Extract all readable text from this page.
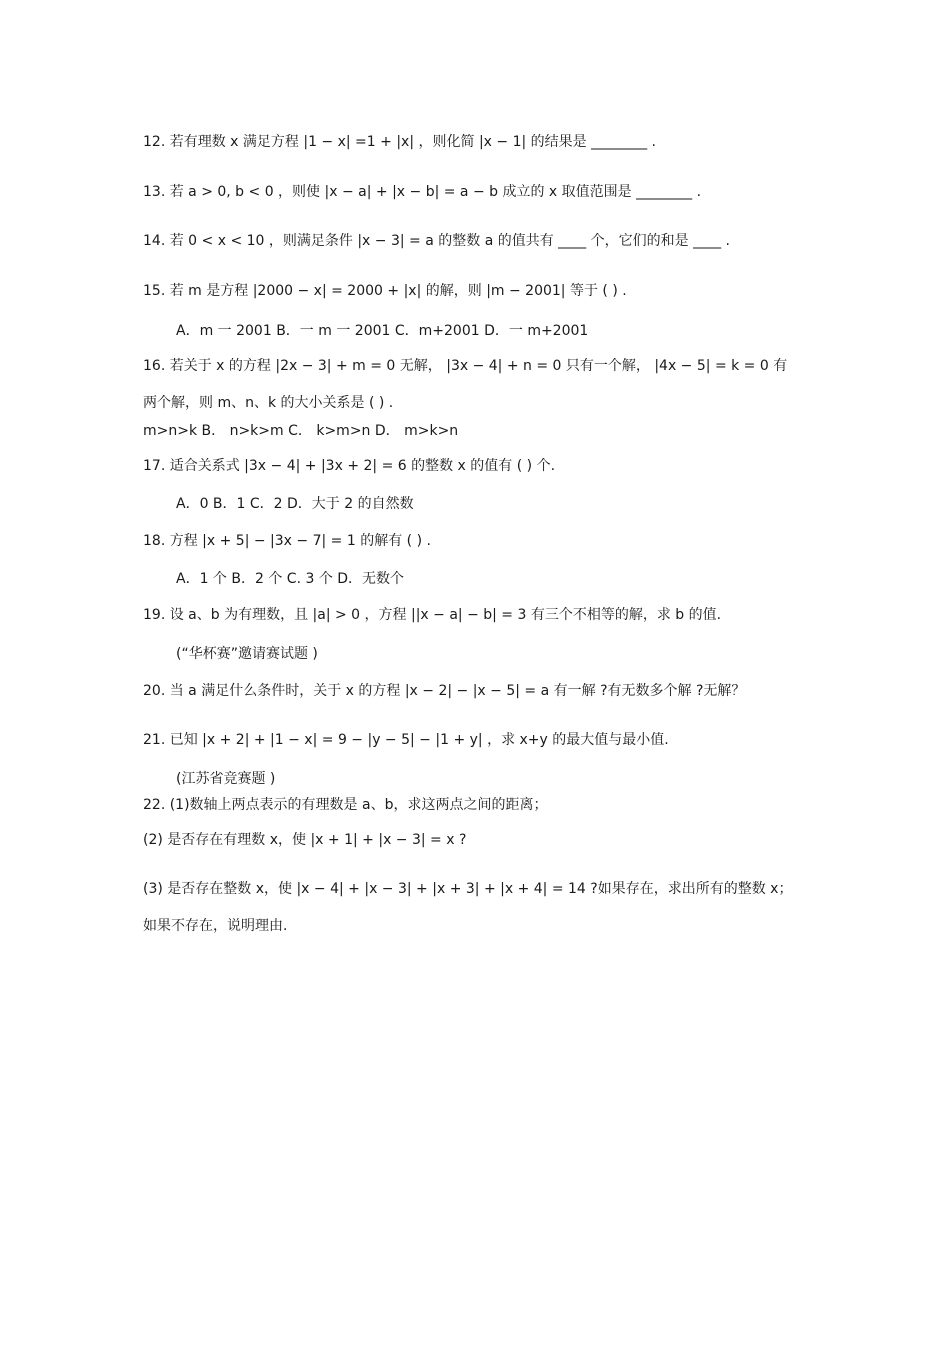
12. 若有理数 x 满足方程 |1 − x| =1 + |x| ，则化简 |x − 1| 的结果是 ________ .
13. 若 a > 0, b < 0 ，则使 |x − a| + |x − b| = a − b 成立的 x 取值范围是 ________ .
14. 若 0 < x < 10 ，则满足条件 |x − 3| = a 的整数 a 的值共有 ____ 个，它们的和是 ____ .
15. 若 m 是方程 |2000 − x| = 2000 + |x| 的解，则 |m − 2001| 等于 ( ) .
A．m 一 2001 B．一 m 一 2001 C．m+2001 D．一 m+2001
16. 若关于 x 的方程 |2x − 3| + m = 0 无解， |3x − 4| + n = 0 只有一个解， |4x − 5| = k = 0 有
两个解，则 m、n、k 的大小关系是 ( ) .
m>n>k B． n>k>m C． k>m>n D． m>k>n
17. 适合关系式 |3x − 4| + |3x + 2| = 6 的整数 x 的值有 ( ) 个.
A．0 B．1 C．2 D．大于 2 的自然数
18. 方程 |x + 5| − |3x − 7| = 1 的解有 ( ) .
A．1 个 B．2 个 C. 3 个 D．无数个
19. 设 a、b 为有理数，且 |a| > 0 ，方程 ||x − a| − b| = 3 有三个不相等的解，求 b 的值.
(“华杯赛”邀请赛试题 )
20. 当 a 满足什么条件时，关于 x 的方程 |x − 2| − |x − 5| = a 有一解 ?有无数多个解 ?无解？
21. 已知 |x + 2| + |1 − x| = 9 − |y − 5| − |1 + y| ，求 x+y 的最大值与最小值.
(江苏省竞赛题 )
22. (1)数轴上两点表示的有理数是 a、b，求这两点之间的距离；
(2) 是否存在有理数 x，使 |x + 1| + |x − 3| = x ?
(3) 是否存在整数 x，使 |x − 4| + |x − 3| + |x + 3| + |x + 4| = 14 ?如果存在，求出所有的整数 x；
如果不存在，说明理由.
